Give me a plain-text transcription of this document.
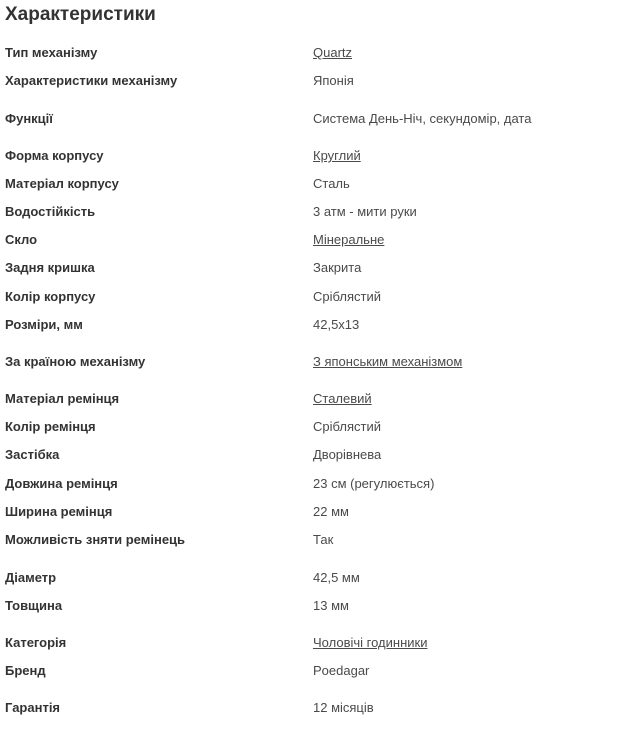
Характеристики
Тип механізму	Quartz
Характеристики механізму	Японія
Функції	Система День-Ніч, секундомір, дата
Форма корпусу	Круглий
Матеріал корпусу	Сталь
Водостійкість	3 атм - мити руки
Скло	Мінеральне
Задня кришка	Закрита
Колір корпусу	Сріблястий
Розміри, мм	42,5x13
За країною механізму	З японським механізмом
Матеріал ремінця	Сталевий
Колір ремінця	Сріблястий
Застібка	Дворівнева
Довжина ремінця	23 см (регулюється)
Ширина ремінця	22 мм
Можливість зняти ремінець	Так
Діаметр	42,5 мм
Товщина	13 мм
Категорія	Чоловічі годинники
Бренд	Poedagar
Гарантія	12 місяців
